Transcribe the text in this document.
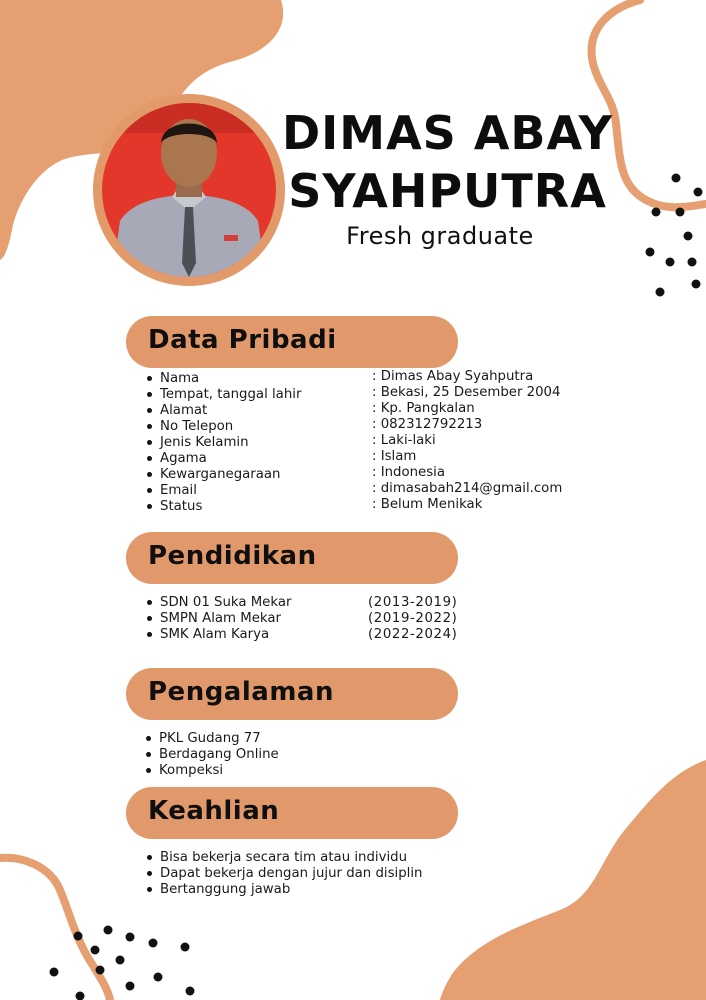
DIMAS ABAY
SYAHPUTRA
Fresh graduate
Data Pribadi
Nama
Tempat, tanggal lahir
Alamat
No Telepon
Jenis Kelamin
Agama
Kewarganegaraan
Email
Status
: Dimas Abay Syahputra
: Bekasi, 25 Desember 2004
: Kp. Pangkalan
: 082312792213
: Laki-laki
: Islam
: Indonesia
: dimasabah214@gmail.com
: Belum Menikak
Pendidikan
SDN 01 Suka Mekar
SMPN Alam Mekar
SMK Alam Karya
(2013-2019)
(2019-2022)
(2022-2024)
Pengalaman
PKL Gudang 77
Berdagang Online
Kompeksi
Keahlian
Bisa bekerja secara tim atau individu
Dapat bekerja dengan jujur dan disiplin
Bertanggung jawab
